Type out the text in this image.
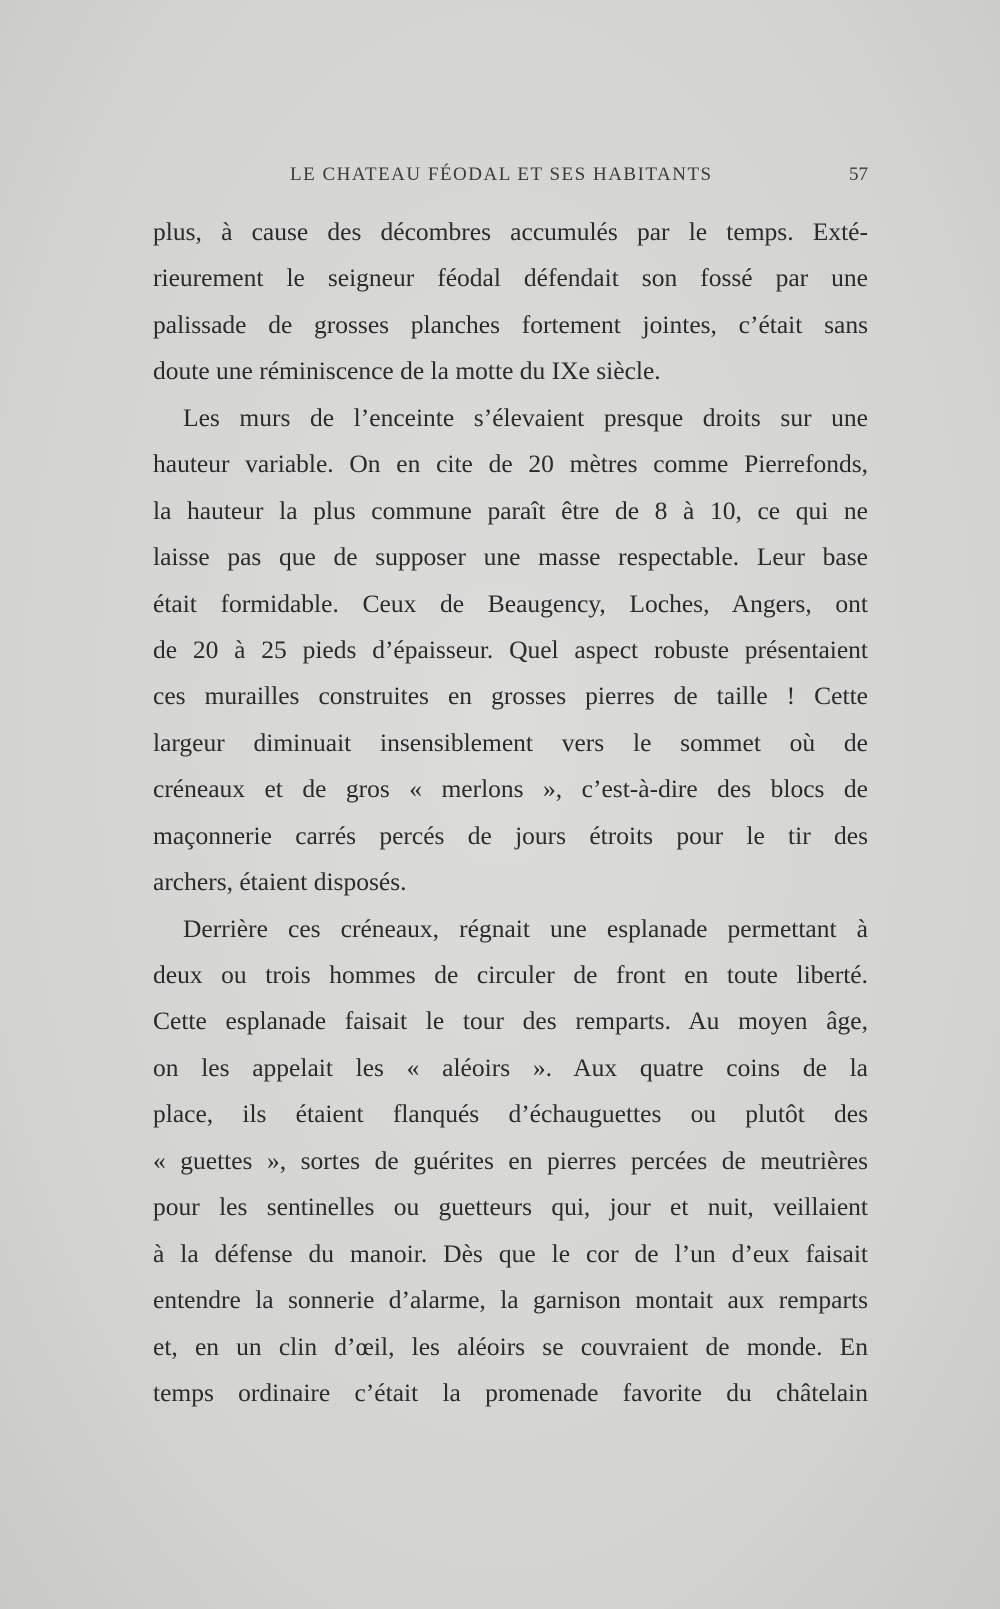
LE CHATEAU FÉODAL ET SES HABITANTS	57
plus, à cause des décombres accumulés par le temps. Exté-
rieurement le seigneur féodal défendait son fossé par une
palissade de grosses planches fortement jointes, c’était sans
doute une réminiscence de la motte du IXe siècle.
Les murs de l’enceinte s’élevaient presque droits sur une
hauteur variable. On en cite de 20 mètres comme Pierrefonds,
la hauteur la plus commune paraît être de 8 à 10, ce qui ne
laisse pas que de supposer une masse respectable. Leur base
était formidable. Ceux de Beaugency, Loches, Angers, ont
de 20 à 25 pieds d’épaisseur. Quel aspect robuste présentaient
ces murailles construites en grosses pierres de taille ! Cette
largeur diminuait insensiblement vers le sommet où de
créneaux et de gros « merlons », c’est-à-dire des blocs de
maçonnerie carrés percés de jours étroits pour le tir des
archers, étaient disposés.
Derrière ces créneaux, régnait une esplanade permettant à
deux ou trois hommes de circuler de front en toute liberté.
Cette esplanade faisait le tour des remparts. Au moyen âge,
on les appelait les « aléoirs ». Aux quatre coins de la
place, ils étaient flanqués d’échauguettes ou plutôt des
« guettes », sortes de guérites en pierres percées de meutrières
pour les sentinelles ou guetteurs qui, jour et nuit, veillaient
à la défense du manoir. Dès que le cor de l’un d’eux faisait
entendre la sonnerie d’alarme, la garnison montait aux remparts
et, en un clin d’œil, les aléoirs se couvraient de monde. En
temps ordinaire c’était la promenade favorite du châtelain
